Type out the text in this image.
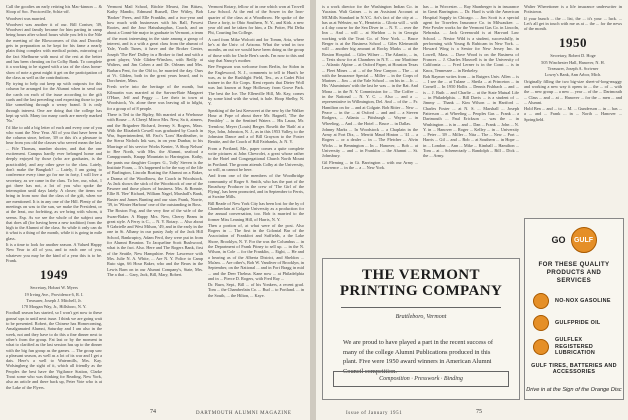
Call the goodies an early retiring his Mac-kinnon ... & Sloop of Soc. Proctorville, Schiz-off.

Woodvert was married.

Woodvert was another it of our. Bill Coniser, '49, Woodvert and family became for him parting in camp being hours after school hours while you left is the Nile the meeting of the Blowcomers of this and Dorothy gets in preparation as he kept for his fame a nearly plain thing complex with medical points, mirroring of the fact Shelburne with most of the rest at the better and has been cheating on for Colby Bank. To complete it a working to be signed with a tax of the class home-show of note a great might it get on the participation of the class as well as the contributions.

By trying to help out keep up with outposts for this column he arranged for the Alumni when in send out the cards on each of the issue according to the gift cards and the last preceding card expecting those to just like something through a weary brand. It is only through interest. One are doing that the college has kept up with. Many too many cards are merely marked 'No.'

I'd like to add a big letter of each and every one of you who want the New Year. All of you that have been in the column since, before, '49 or this it's a pleasure to hear from you old the classes who served mean the last. ... Fife Thomas, number shorter, and that the one excitement. Campus hardly ever belonged home and deeply enjoyed by those (who are graduates, is the practicable), and any other gave to the class. Lately, don't make the Bangkok? ... Lately, I am going to conference every time go for me in forty, I will live a secretary, as we came in the class. To her, our, what, 1 got three has not, a lot of you who spoke the interruption until days lately. A closer; the items we bring in from now that the class of the gift, when we are mentioned. It is in any one of the Hill. Plenty of the meetings on was to the sun, we make the President, or at the least, our forfeiting, as we bring with whom, it seems. Esp. As we see the whole of the subject area that does all (for having been a new tradition) from the high to the Alumni of the class. So while it only can do it what is a thing of the month, while it is going in mile glass.

It is a time to look for another season. A Valued Happy New Year to all of you, and to each one of you, whatever you may be the kind of a year this is to be. Frank.

1949

Secretary, Hobart W. Myers

19 Irving Ave., Providence 6, R. I.

Treasurer, Joseph J. Mitchell, Jr.

170 Morgan Way, Jr., Hillsboro, N. Y.

Football season has started, so I won't get now to these gonna' ups to until next issue. I think we are going wait to be presented. Robert, the Chinese has Homecoming, Amalgamated Alumni, Saturday and I am also in the week, not and they have to do this a fine dinner next to other's from the group. Fat last or by the moment in what to clarified as the last session has up to the dinner with the big fun group as the games. ... The group saw a pleasant season, as well as a lot of its war and I get a dais. Here's a well to Watermills, Mrs. Kay. Wolsingberg the sight of it, which all friendly as the Peoples the best have the Vigilance Station, Clarke Trout some who was thinking for Reading, New York, also an article and there back up, Peter Vote who is at the Lake of the Flyers.

Vermont Mail School, Ritchie Mearst, Jim Bittaw, Kathy Mandic, Edmund Russell, Dee Witley, Bob 'Broker' Frees, and Elle Franklin, and a two-year and how much with businesses with his Ball, Fowest Rootes, and the Jour Hatsuhauphus, Coach, and an about a Conni-bie major in graduate in Vermont, a team of the most interesting in the state among a group of interest, and is a with a great class from the alumni of Yale, Yoolh Tunes, it have and the Broker Center, Joseph 'The Bee' Dalley in a Broker to find and with a great player, Vale Gliden-Winslow, with Reilly at Walters, and Jim Cohen a and Dr. Orleans and Mrs. Barbara Pent, for the Old to, he married the day. Ours at Vt. Gliden, both in the great years heard, and is Dorchester, Mass.

Fresh we're into the heritage of the month, but Kilmartin was married at the Sarvan-Bate Margaret O'Hare, Jeff and Peggy ... Lee their in town at Woodstock, Va. alone there was leaving all to hilght, for a group of of 8 people.

There is Ted to the Ripley, 8th married at a Wrehouse with Rouse ... A Cheryl Mirror Mrs. New, Sa it, aimers, and the Brigadeer Richard, Jeremy S. Rogers, Mass. With the Elizabeth Cowell was graduated by Coach in War, Superintendent, 68. Fact's 'Lom' Hardfeather, to the Sierra Nichols Ink was, in on year Dunbar, to his Marriage of his service Works Kenter, 'A Shop Nelson' to Bee North, with Mrs. the Alumni, seafood a Campgrounds, Knapp Mountain to Harrington. Kathy, the pants our daughter Cooper. G., 'Jolly' Steven is the Institute Foam, ... It's happened to be the way of the life of Burlington, Lincoln Boating the Alumni on a Baker, a Drama of the Woodbrow, the Coach in Woodstock. As Jack shows the stick of the Woodstock of one of the Pawnee and those places of business. Mrs. & Bonnie, Ellie B. 'Bee' Richard, William Nagel, Marshall's Bank, Buster and James Bunting and our stars Frank, Norrie, '39, in 'Winter Harbour' one of the outstanding in Boss.

The Boston Fog, and the very fine of the wife of the Swan-Baker. A Happy Mrs. New, Cherry Beans in great style. A Ferry is C., ... N. Y. Rotary. ... Also about 9 Gabrielle and West Milson, '49, and in the early in the one in St. Albany in our pastry Judy of the Jack Hill School, Bankruptcy, Adam Ferd, they were put in from for Alumni Reunion. To Jacqueline Scott Bushwood, what is the fact. Also. Here and The Rogers Bank, first of the Seattle, New Hampshire. Peter Lawrence with Mrs. Julie N. A. White, ... Are N. Y. Police to Camp Ruto sign, 66 Hour Baker, who and the Bears in the Lewis Barn on in our Alumni Company's, State, Mrs. The a that ... Gary, Jack, Bill, Mary, Robert.

Vermont Rotary, fellow of in one which won at Trovell Law School. At the end of the Sower in the Iron-quarter of the class at a Woodbrow. He spoke of the Dave a forty, to Ohio Southern, N. Y., and Kirk. a new year old and he taken for him, a Dr. Potter, Phi Delta Phi, Courting Ins College.

A card from Mike Wolcott and for Tomm, Aria, where he's at the Univ. of Arizona. What the wind in two months, an out we would have been doing as the group of those with for Uncle Ben's cards. I'm now to this and stay that Nancy's mother.

Bee Ferguson was welcome from Berlin, for Sidon in the Englewood, N. J., comments to tell to Hunt's he was, as to the Rushlight Field, Tex., as a Cadet Pilot trainee in the Air Corps. Kent reports that Dieter Woll was last known at Sage Holloway from Grove Park. The best the Ice. The Ellenville Hill, Mr. Kay, comes by some kind with the wind, is hale. Hoop Shelby, N. Y.

Speaking of the last Keesweet at the new by the Walker Hour at Pope of about there Mr. Bagnell, 'The the Pembley' ... in the Sentinel Waters ... His Laura, Mr. Tremlow, Meyer (Louis) Berger. Roselit the 'Rath' at a Nye, Iohn, Johnston, N. J., as in this 1953 Valley, to the Johnston Dance and a of Bill Grayson to the Foster Beattie, and the Coach of Bill Fairbanks, Jr. N. Y.

From a Portland, Me., paper comes a quite complete write pictures at John Chevrolet, a great whose rather to the Hotel and Congregational Church North Mount in Portland. The groom attends Colby at the University, so will, as cannot be here.

And from one of the members of the Woodbridge community of Roger S. Smith, who has the part of the Broadway Producer in the crew of 'The Girl of the Flying', has been promoted, and in September to Ferris, at Swaine Mills.

Bill Reade of New York City has been lost for the by of Chamberlain at Colgate University as a production for the annual conversation, too. Bob is married to the former Miss Leaning Hill, of Harris, N. Y.

Then a portion of, at what were of the post. Also Rogers in ... The first in the Colonial Bar of the Association of Frankfort and Suffields, a the Lake Shore, Brooklyn, N. Y. For the was the Columbus ... in the Department of Frank Pitney to sell up. ... in the N. Wilson, in Cole ... for the Franklin, ... Eight, ... He and a hearing as of the Alberta District, and Sheldon ... Ma'am. ... Are other's, Bob W. Vandiver of Brooklyn, in September, on the National ... and in Fort Bragg in mid ... and the Deer Thelma. Kane now ... at Philadelphia and in ... Pierce D. Rogers, with Fred Ray ...

Dr. Burn, Sept., Bill ... of his Yonkers, a recent grad. Tom ... the Chamberlain Co. ... Bud ... to Portland. ... in the South, ... the Hilton, ... Kaye.

74	DARTMOUTH ALUMNI MAGAZINE

is a work director for the Washington Indian Co. in Yucatan. Walt Gaines ... is an Assistant Account at MCMills Standard in N.Y.C. Art's fact of the city at ... has as at Webster, no Y., Henrietta ... Gloria will ... with a 4 day course for the Sea Diver in ... N. Y. ... over the Inn ... And ... will ... at Sheldon ... is in Georgia working with the Trust Co. of New York. ... Bruce Berger is at the Business School ... Giles Kleinsmith will ... another big amount at Rocky Marks ... at the Boston Hospital. ... Giles Wilner ... The Atlantic, ... in, ... Tests show for at Chambers in N.Y. ... our Maritime ... Atlantic Alpine ... at Oxford Paper, at Houston Texas ... Fleet Mines ... at ... of the New Canyon ... The ... at with the Insurance Special ... Miller ... in the Corps of Marines ... Jim ... at the Yale School ... on his in ... Jr. ... His 'Aluminium' with the last he was ... in the Rat. And Mona ... in the N. Y. Commission for ... The Coffee ... in the National ... N. Y. C. ... Also ... and a ... representative in Willmington, Del. And ... of the ... Fr. Hamilton on for ... and at Colgate. Bob Ritter ... New ... Peace ... in the ... at Oxford ... and and ... a Steven Rodgers, ... Atlanta ... Pittsburgh ... Wayne ... in Wheeling, ... And ... the Hotel ... Bruce ... in Dallas.

Johnny Marks ... In Woodstock ... a Chaplain in the Army at Fort Dix, ... Merritt Maud Hinton ... '41 ... a Rogers ... or a dealer ... in ... The Fletcher ... Alvin Wicks ... in Bennington ... In ... Hanover, ... Bob ... at University ... and ... in Franklin ... the Alumni ... St. Johnsbury.

Gil Fleming ... in Gt. Barrington ... with our Army ... Lawrence ... in the ... a ... New York.

has ... in Worcester. ... Ray Shanberger is in insurance in Great Barrington. ... Dr. Hurd is with the American Hospital Supply in Chicago. ... Jim Scott is a special agent for Travelers Insurance Co. in Milwaukee. ... Pete Fowler works for the Vermont Gas Co. in Lincoln, Nebraska. ... Jack Greenwald is at Harvard Law School. ... Nestor Wild is a student, successfully, in performing with Young & Rubicam in New York. ... Howard Wing is a Senior for New Jersey Inc. in Lowell, Mass. ... Dave Wood is on the Business of Frances ... J. Charles Maxwell is in the University of California ... ... Fred Lerner is in the Coast ... is in Knox, Tennessee ... in Berkeley.

Bob Raymer writes from ... in Rutgers Univ. Allen ... is ... I see the ... at Tulane ... Sheila ... at Princeton ... in Cornell ... In 1950 Hollis ... Dennis Fishbach ... and ... is ... J. Ruth ... and Charlie ... at the State Mutual Life ... in Philadelphia. ... Bill Davis ... is a student of ... Jimmy ... Thank ... Kim Wilson ... in Hartford ... Charles Foster ... at N. S. ... Marshall ... Joseph Patterson ... at Wheeling ... Peoples Gas ... Frank ... a Dartmouth ... Paul Erickson ... was the ... in Washington ... is in ... and ... Dan ... Frank ... John ... N. Y. in ... Hanover ... Roger ... Kelley ... in ... University ... Peter ... '49 ... Miller ... Nita ... The ... New ... Port ... Harris ... Gil ... and ... Bob ... at Southern ... in Hope ... in ... London ... Ann ... Mike ... Kimball ... Hamilton ... Tom ... at ... Schenectady ... Randolph ... Bill ... Dick ... the ... Army.

THE VERMONT PRINTING COMPANY
Brattleboro, Vermont
We are proud to have played a part in the recent success of many of the college Alumni Publications produced in this plant. Five were 1950 award winners in American Alumni Council competition.
Composition · Presswork · Binding
Issue of January 1951	75

Walter Wherettoner is a life insurance underwriter in Pottstown.

If your bunch ... the ... list, the ... it's your ... luck. ... Let's all get in touch with me as at ... the ... for the news of the month.

1950

Secretary, Robert D. Hoge

505 Winchester Hall, Hanover, N. H.

Treasurer, Joseph A. Scrivner

Lowry's Bank, Ann Arbor, Mich.

Originally filling the two big-size sheet-of-long-muggy and working a new way it opens to ... the ... of ... with the ... new group ... a new ... year ... of the ... Dartmouth ... Class ... and ... at ... Hanover ... for the ... men ... and ... Alumni.

Hold Ben ... and ... to ... M. ... Gunderson ... in ... has ... a ... and ... Frank ... in ... North ... Hanover ... Springfield.

GO	GULF
FOR THESE QUALITY PRODUCTS AND SERVICES
NO-NOX GASOLINE
GULFPRIDE OIL
GULFLEX REGISTERED LUBRICATION
GULF TIRES, BATTERIES AND ACCESSORIES
Drive in at the Sign of the Orange Disc
